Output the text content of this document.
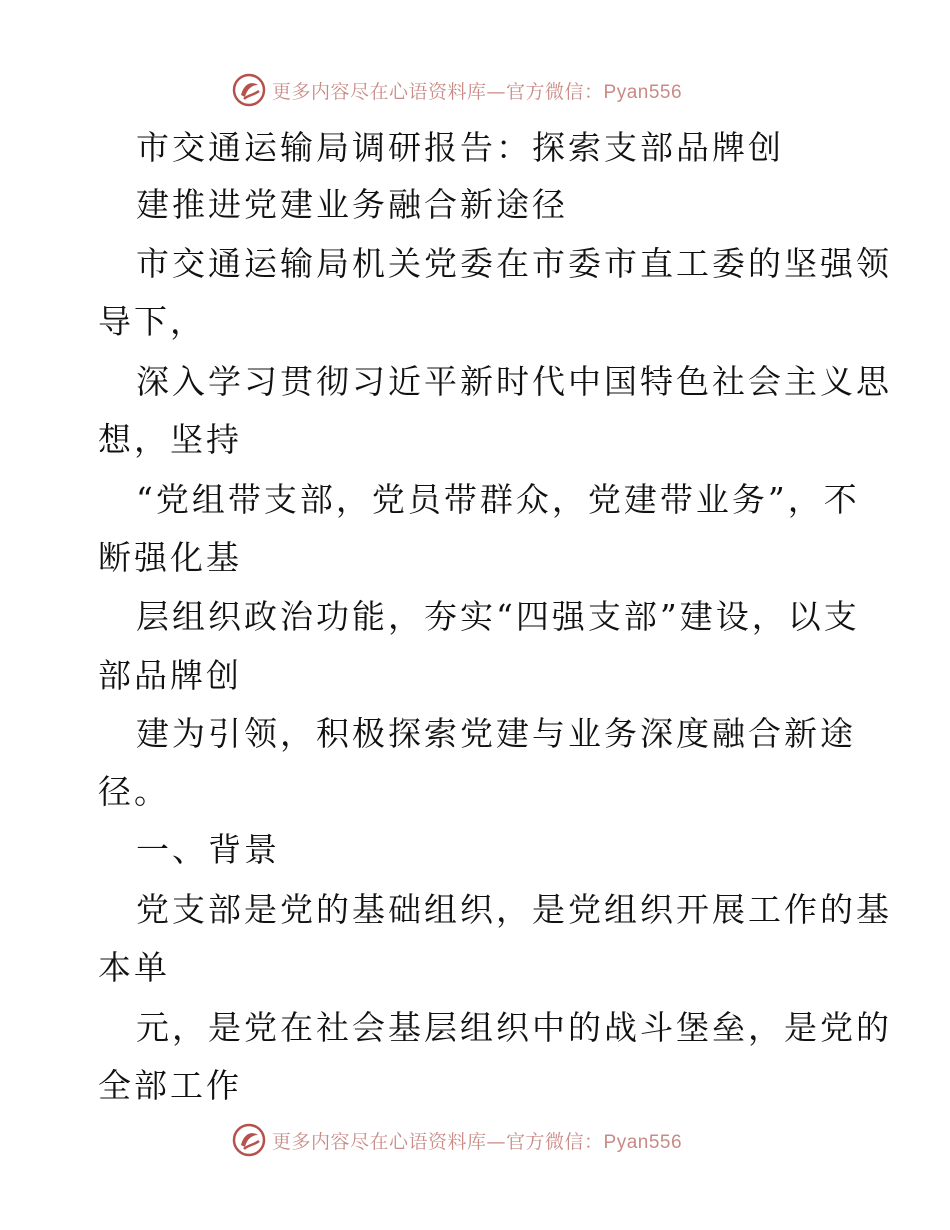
更多内容尽在心语资料库—官方微信：Pyan556
市交通运输局调研报告：探索支部品牌创
建推进党建业务融合新途径
市交通运输局机关党委在市委市直工委的坚强领
导下，
深入学习贯彻习近平新时代中国特色社会主义思
想，坚持
“党组带支部，党员带群众，党建带业务”，不
断强化基
层组织政治功能，夯实“四强支部”建设，以支
部品牌创
建为引领，积极探索党建与业务深度融合新途
径。
一、背景
党支部是党的基础组织，是党组织开展工作的基
本单
元，是党在社会基层组织中的战斗堡垒，是党的
全部工作
更多内容尽在心语资料库—官方微信：Pyan556
